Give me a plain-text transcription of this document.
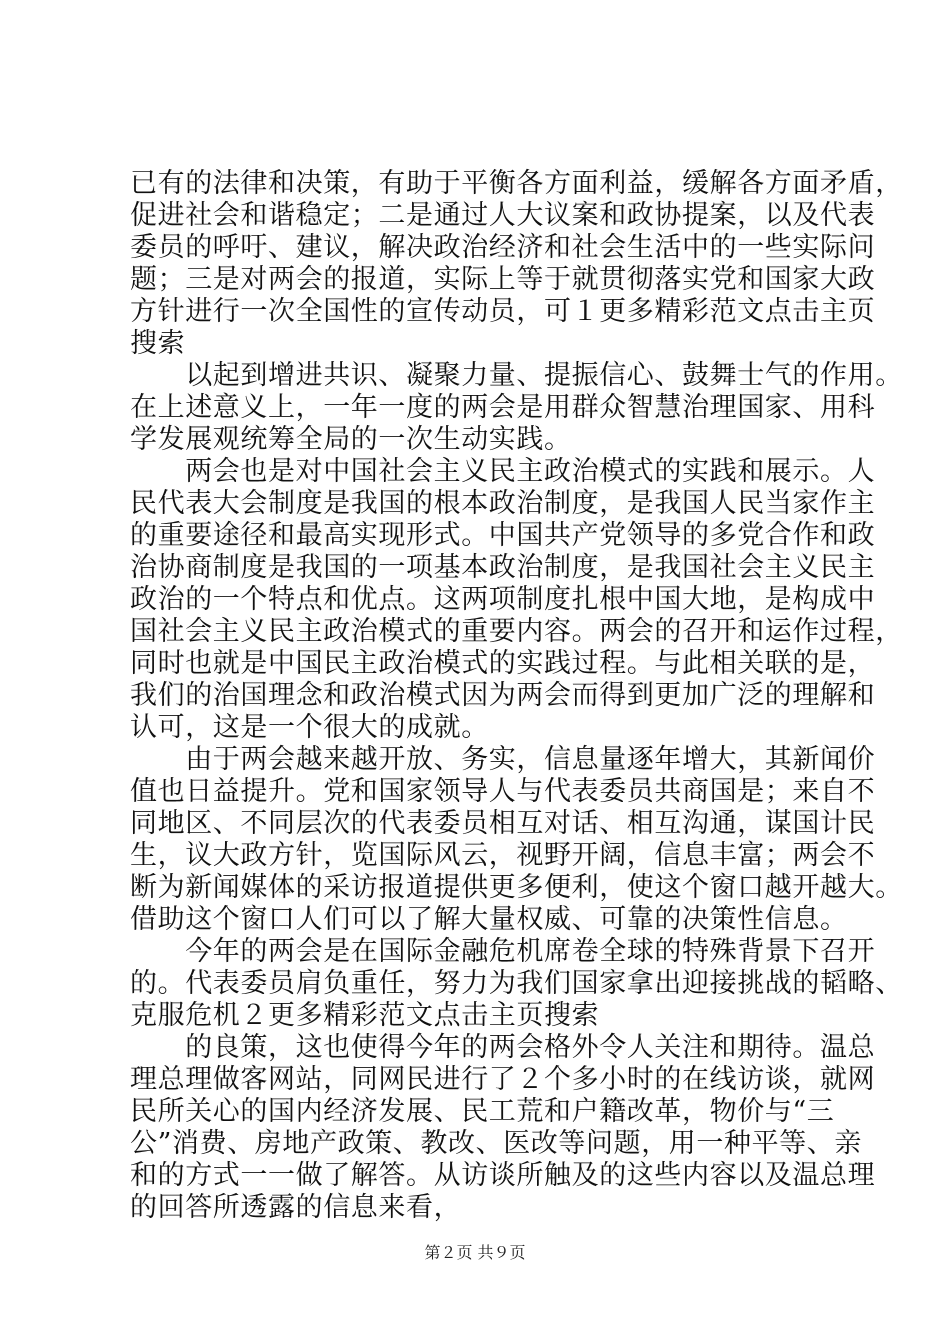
已有的法律和决策，有助于平衡各方面利益，缓解各方面矛盾，
促进社会和谐稳定；二是通过人大议案和政协提案，以及代表
委员的呼吁、建议，解决政治经济和社会生活中的一些实际问
题；三是对两会的报道，实际上等于就贯彻落实党和国家大政
方针进行一次全国性的宣传动员，可１更多精彩范文点击主页
搜索
　　以起到增进共识、凝聚力量、提振信心、鼓舞士气的作用。
在上述意义上，一年一度的两会是用群众智慧治理国家、用科
学发展观统筹全局的一次生动实践。
　　两会也是对中国社会主义民主政治模式的实践和展示。人
民代表大会制度是我国的根本政治制度，是我国人民当家作主
的重要途径和最高实现形式。中国共产党领导的多党合作和政
治协商制度是我国的一项基本政治制度，是我国社会主义民主
政治的一个特点和优点。这两项制度扎根中国大地，是构成中
国社会主义民主政治模式的重要内容。两会的召开和运作过程，
同时也就是中国民主政治模式的实践过程。与此相关联的是，
我们的治国理念和政治模式因为两会而得到更加广泛的理解和
认可，这是一个很大的成就。
　　由于两会越来越开放、务实，信息量逐年增大，其新闻价
值也日益提升。党和国家领导人与代表委员共商国是；来自不
同地区、不同层次的代表委员相互对话、相互沟通，谋国计民
生，议大政方针，览国际风云，视野开阔，信息丰富；两会不
断为新闻媒体的采访报道提供更多便利，使这个窗口越开越大。
借助这个窗口人们可以了解大量权威、可靠的决策性信息。
　　今年的两会是在国际金融危机席卷全球的特殊背景下召开
的。代表委员肩负重任，努力为我们国家拿出迎接挑战的韬略、
克服危机２更多精彩范文点击主页搜索
　　的良策，这也使得今年的两会格外令人关注和期待。温总
理总理做客网站，同网民进行了２个多小时的在线访谈，就网
民所关心的国内经济发展、民工荒和户籍改革，物价与“三
公”消费、房地产政策、教改、医改等问题，用一种平等、亲
和的方式一一做了解答。从访谈所触及的这些内容以及温总理
的回答所透露的信息来看，
第２页 共９页
